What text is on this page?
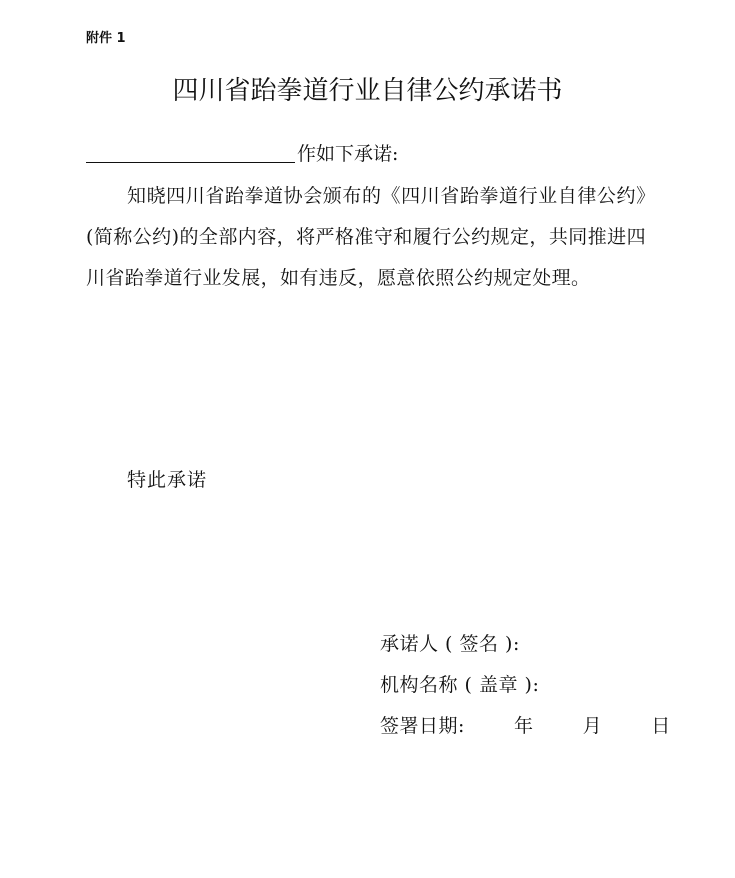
附件 1
四川省跆拳道行业自律公约承诺书
作如下承诺:
知晓四川省跆拳道协会颁布的《四川省跆拳道行业自律公约》(简称公约)的全部内容，将严格准守和履行公约规定，共同推进四川省跆拳道行业发展，如有违反，愿意依照公约规定处理。
特此承诺
承诺人 ( 签名 ):
机构名称 ( 盖章 ):
签署日期:	年	月	日
